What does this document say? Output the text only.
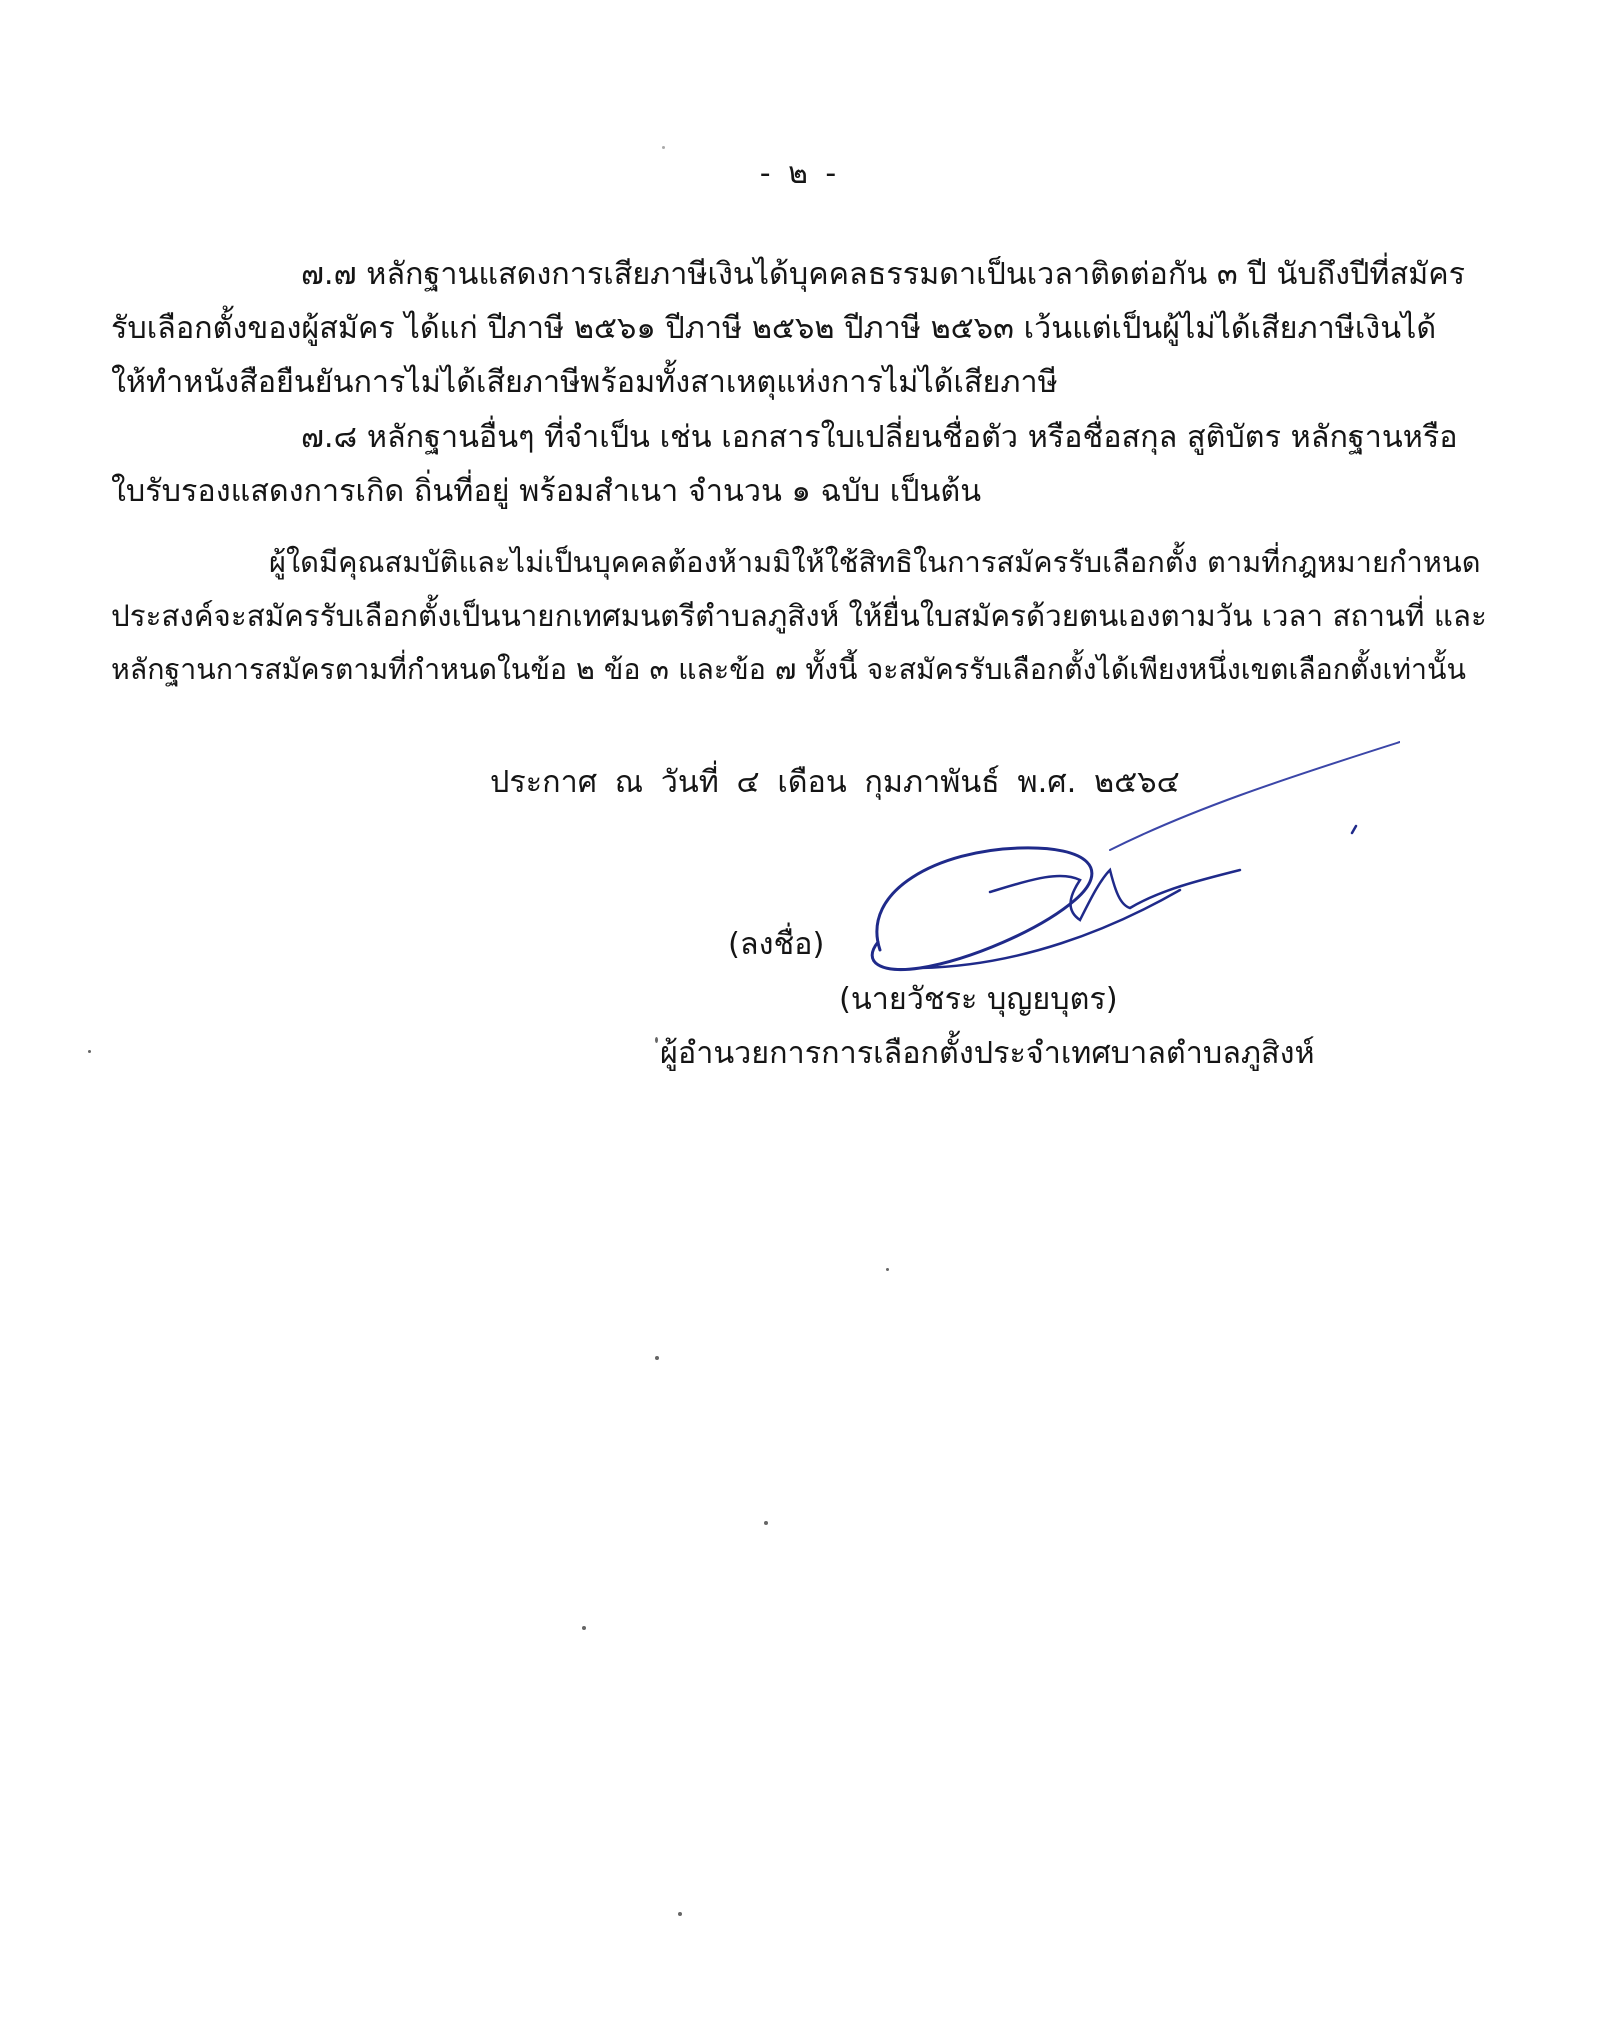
- ๒ -
๗.๗ หลักฐานแสดงการเสียภาษีเงินได้บุคคลธรรมดาเป็นเวลาติดต่อกัน ๓ ปี นับถึงปีที่สมัคร
รับเลือกตั้งของผู้สมัคร ได้แก่ ปีภาษี ๒๕๖๑ ปีภาษี ๒๕๖๒ ปีภาษี ๒๕๖๓ เว้นแต่เป็นผู้ไม่ได้เสียภาษีเงินได้
ให้ทำหนังสือยืนยันการไม่ได้เสียภาษีพร้อมทั้งสาเหตุแห่งการไม่ได้เสียภาษี
๗.๘ หลักฐานอื่นๆ ที่จำเป็น เช่น เอกสารใบเปลี่ยนชื่อตัว หรือชื่อสกุล สูติบัตร หลักฐานหรือ
ใบรับรองแสดงการเกิด ถิ่นที่อยู่ พร้อมสำเนา จำนวน ๑ ฉบับ เป็นต้น
ผู้ใดมีคุณสมบัติและไม่เป็นบุคคลต้องห้ามมิให้ใช้สิทธิในการสมัครรับเลือกตั้ง ตามที่กฎหมายกำหนด
ประสงค์จะสมัครรับเลือกตั้งเป็นนายกเทศมนตรีตำบลภูสิงห์ ให้ยื่นใบสมัครด้วยตนเองตามวัน เวลา สถานที่ และ
หลักฐานการสมัครตามที่กำหนดในข้อ ๒ ข้อ ๓ และข้อ ๗ ทั้งนี้ จะสมัครรับเลือกตั้งได้เพียงหนึ่งเขตเลือกตั้งเท่านั้น
ประกาศ ณ วันที่ ๔ เดือน กุมภาพันธ์ พ.ศ. ๒๕๖๔
(ลงชื่อ)
(นายวัชระ บุญยบุตร)
ผู้อำนวยการการเลือกตั้งประจำเทศบาลตำบลภูสิงห์
